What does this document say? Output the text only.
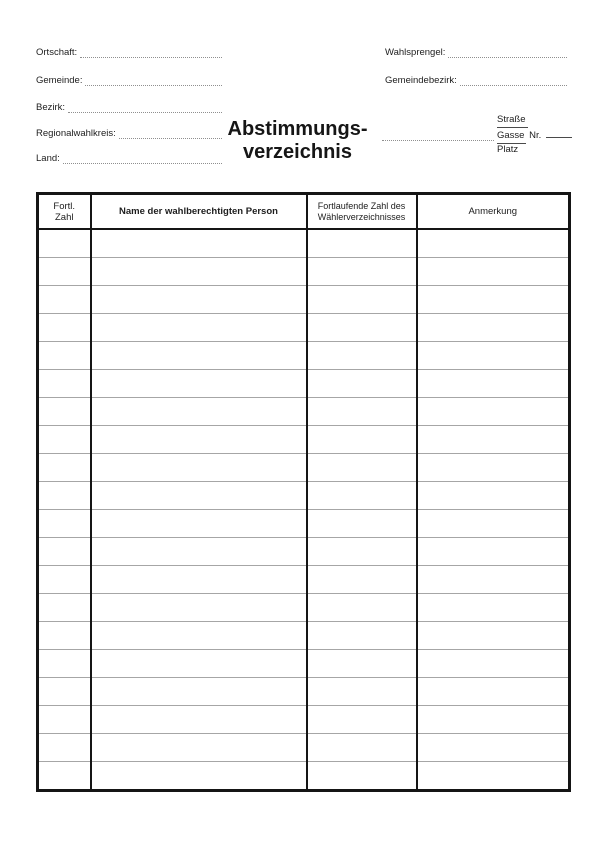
Ortschaft:
Gemeinde:
Bezirk:
Regionalwahlkreis:
Land:
Wahlsprengel:
Gemeindebezirk:
Abstimmungs-
verzeichnis
Straße
Gasse Nr.
Platz
Fortl. Zahl	Name der wahlberechtigten Person	Fortlaufende Zahl des Wählerverzeichnisses	Anmerkung
